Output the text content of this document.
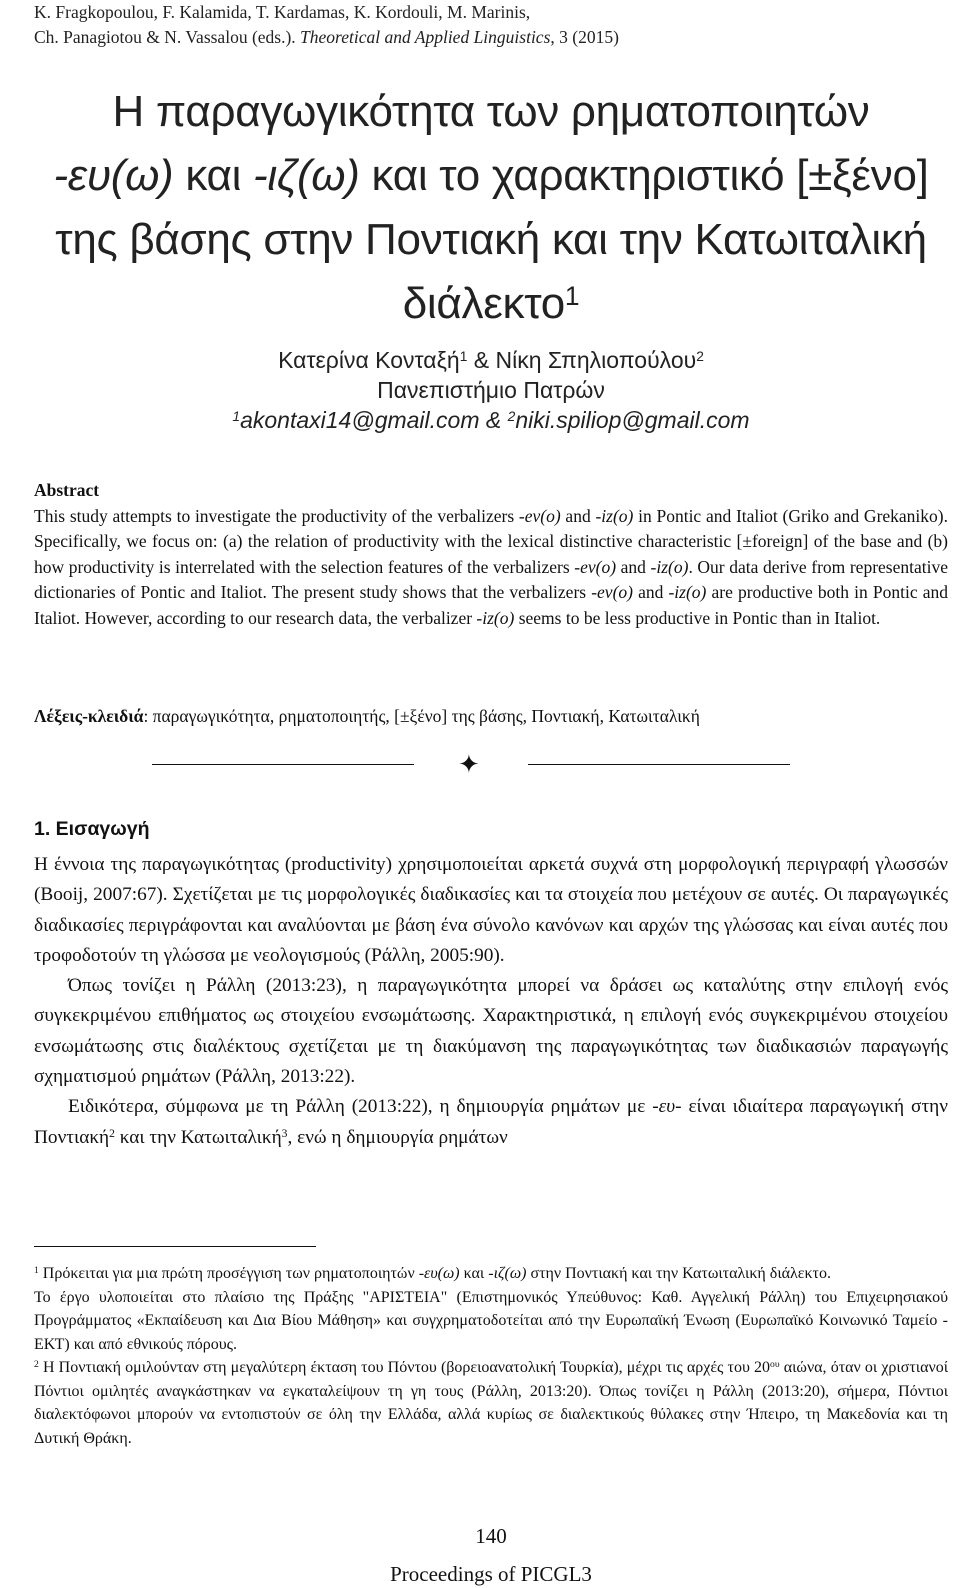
K. Fragkopoulou, F. Kalamida, T. Kardamas, K. Kordouli, M. Marinis,
Ch. Panagiotou & N. Vassalou (eds.). Theoretical and Applied Linguistics, 3 (2015)
Η παραγωγικότητα των ρηματοποιητών
-ευ(ω) και -ιζ(ω) και το χαρακτηριστικό [±ξένο] της βάσης στην Ποντιακή και την Κατωιταλική διάλεκτο$^1$
Κατερίνα Κονταξή$^1$ & Νίκη Σπηλιοπούλου$^2$
Πανεπιστήμιο Πατρών
$^1$akontaxi14@gmail.com & $^2$niki.spiliop@gmail.com
Abstract
This study attempts to investigate the productivity of the verbalizers -ev(o) and -iz(o) in Pontic and Italiot (Griko and Grekaniko). Specifically, we focus on: (a) the relation of productivity with the lexical distinctive characteristic [±foreign] of the base and (b) how productivity is interrelated with the selection features of the verbalizers -ev(o) and -iz(o). Our data derive from representative dictionaries of Pontic and Italiot. The present study shows that the verbalizers -ev(o) and -iz(o) are productive both in Pontic and Italiot. However, according to our research data, the verbalizer -iz(o) seems to be less productive in Pontic than in Italiot.
Λέξεις-κλειδιά: παραγωγικότητα, ρηματοποιητής, [±ξένο] της βάσης, Ποντιακή, Κατωιταλική
✦
1. Εισαγωγή

Η έννοια της παραγωγικότητας (productivity) χρησιμοποιείται αρκετά συχνά στη μορφολογική περιγραφή γλωσσών (Booij, 2007:67). Σχετίζεται με τις μορφολογικές διαδικασίες και τα στοιχεία που μετέχουν σε αυτές. Οι παραγωγικές διαδικασίες περιγράφονται και αναλύονται με βάση ένα σύνολο κανόνων και αρχών της γλώσσας και είναι αυτές που τροφοδοτούν τη γλώσσα με νεολογισμούς (Ράλλη, 2005:90).

Όπως τονίζει η Ράλλη (2013:23), η παραγωγικότητα μπορεί να δράσει ως καταλύτης στην επιλογή ενός συγκεκριμένου επιθήματος ως στοιχείου ενσωμάτωσης. Χαρακτηριστικά, η επιλογή ενός συγκεκριμένου στοιχείου ενσωμάτωσης στις διαλέκτους σχετίζεται με τη διακύμανση της παραγωγικότητας των διαδικασιών παραγωγής σχηματισμού ρημάτων (Ράλλη, 2013:22).

Ειδικότερα, σύμφωνα με τη Ράλλη (2013:22), η δημιουργία ρημάτων με -ευ- είναι ιδιαίτερα παραγωγική στην Ποντιακή$^2$ και την Κατωιταλική$^3$, ενώ η δημιουργία ρημάτων

$^1$ Πρόκειται για μια πρώτη προσέγγιση των ρηματοποιητών -ευ(ω) και -ιζ(ω) στην Ποντιακή και την Κατωιταλική διάλεκτο.

Το έργο υλοποιείται στο πλαίσιο της Πράξης "ΑΡΙΣΤΕΙΑ" (Επιστημονικός Υπεύθυνος: Καθ. Αγγελική Ράλλη) του Επιχειρησιακού Προγράμματος «Εκπαίδευση και Δια Βίου Μάθηση» και συγχρηματοδοτείται από την Ευρωπαϊκή Ένωση (Ευρωπαϊκό Κοινωνικό Ταμείο - ΕΚΤ) και από εθνικούς πόρους.

$^2$ Η Ποντιακή ομιλούνταν στη μεγαλύτερη έκταση του Πόντου (βορειοανατολική Τουρκία), μέχρι τις αρχές του $20^{o\upsilon}$ αιώνα, όταν οι χριστιανοί Πόντιοι ομιλητές αναγκάστηκαν να εγκαταλείψουν τη γη τους (Ράλλη, 2013:20). Όπως τονίζει η Ράλλη (2013:20), σήμερα, Πόντιοι διαλεκτόφωνοι μπορούν να εντοπιστούν σε όλη την Ελλάδα, αλλά κυρίως σε διαλεκτικούς θύλακες στην Ήπειρο, τη Μακεδονία και τη Δυτική Θράκη.

140
Proceedings of PICGL3
